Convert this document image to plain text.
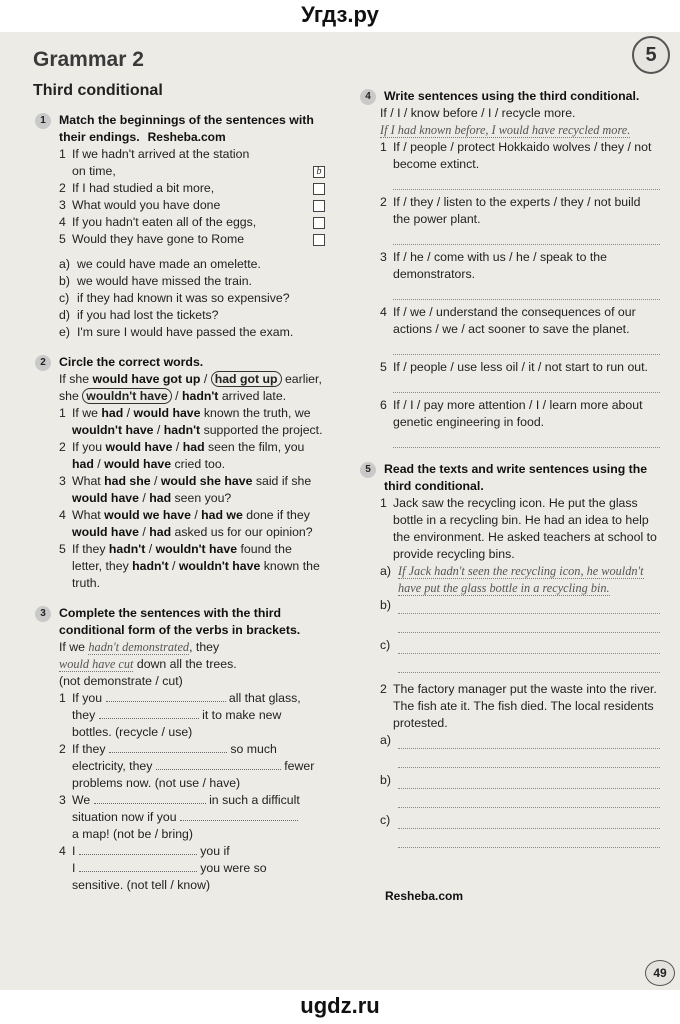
Угдз.ру
Grammar 2
Third conditional
5
1	Match the beginnings of the sentences with their endings. Resheba.com
1 If we hadn't arrived at the station

on time,	b
2 If I had studied a bit more,
3 What would you have done
4 If you hadn't eaten all of the eggs,
5 Would they have gone to Rome
a) we could have made an omelette.
b) we would have missed the train.
c) if they had known it was so expensive?
d) if you had lost the tickets?
e) I'm sure I would have passed the exam.
2	Circle the correct words.
If she would have got up / had got up earlier,
she wouldn't have / hadn't arrived late.
1 If we had / would have known the truth, we wouldn't have / hadn't supported the project.
2 If you would have / had seen the film, you had / would have cried too.
3 What had she / would she have said if she would have / had seen you?
4 What would we have / had we done if they would have / had asked us for our opinion?
5 If they hadn't / wouldn't have found the letter, they hadn't / wouldn't have known the truth.
3	Complete the sentences with the third conditional form of the verbs in brackets.
If we hadn't demonstrated, they
would have cut down all the trees.
(not demonstrate / cut)
1 If you	all that glass,
they	it to make new
bottles. (recycle / use)
2 If they	so much
electricity, they	fewer
problems now. (not use / have)
3 We	in such a difficult
situation now if you
a map! (not be / bring)
4 I	you if
I	you were so
sensitive. (not tell / know)
4	Write sentences using the third conditional.
If / I / know before / I / recycle more.
If I had known before, I would have recycled more.
1 If / people / protect Hokkaido wolves / they / not become extinct.
2 If / they / listen to the experts / they / not build the power plant.
3 If / he / come with us / he / speak to the demonstrators.
4 If / we / understand the consequences of our actions / we / act sooner to save the planet.
5 If / people / use less oil / it / not start to run out.
6 If / I / pay more attention / I / learn more about genetic engineering in food.
5	Read the texts and write sentences using the third conditional.
1 Jack saw the recycling icon. He put the glass bottle in a recycling bin. He had an idea to help the environment. He asked teachers at school to provide recycling bins.
a) If Jack hadn't seen the recycling icon, he wouldn't have put the glass bottle in a recycling bin.
b)
c)
2 The factory manager put the waste into the river. The fish ate it. The fish died. The local residents protested.
a)
b)
c)
Resheba.com
49
ugdz.ru
